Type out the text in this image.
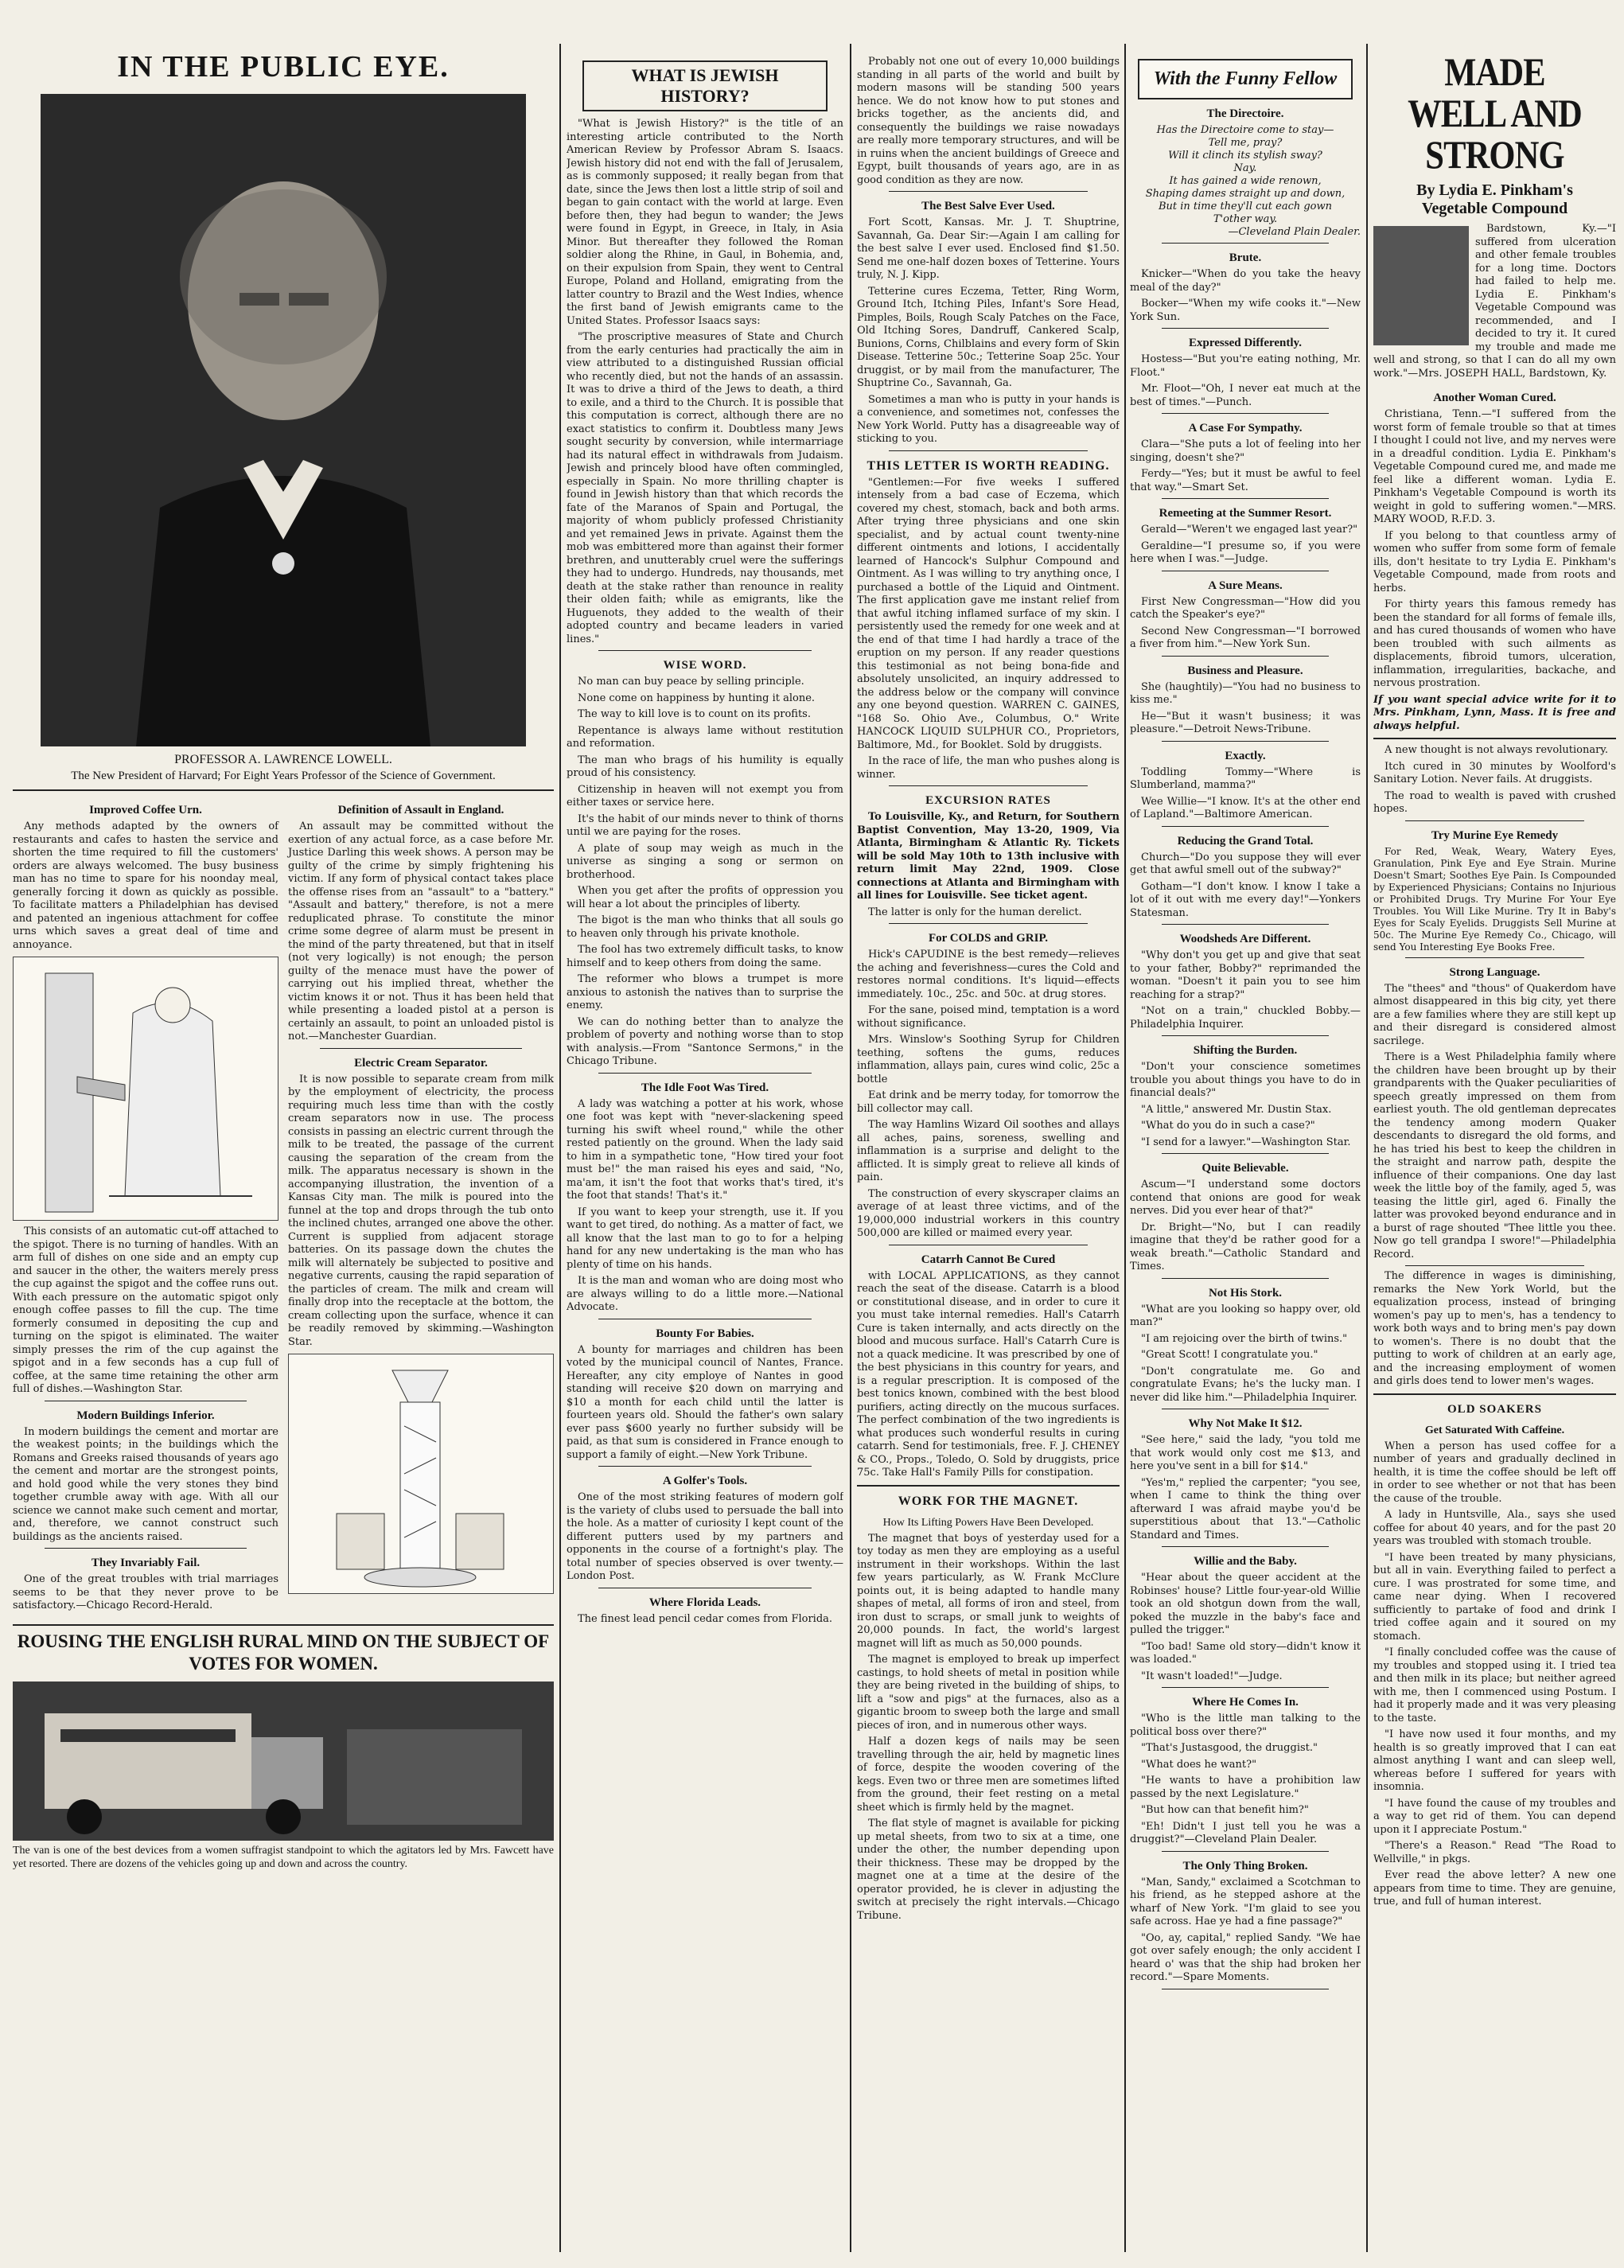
IN THE PUBLIC EYE.
PROFESSOR A. LAWRENCE LOWELL.
The New President of Harvard; For Eight Years Professor of the Science of Government.
Improved Coffee Urn.

Any methods adapted by the owners of restaurants and cafes to hasten the service and shorten the time required to fill the customers' orders are always welcomed. The busy business man has no time to spare for his noonday meal, generally forcing it down as quickly as possible. To facilitate matters a Philadelphian has devised and patented an ingenious attachment for coffee urns which saves a great deal of time and annoyance.

This consists of an automatic cut-off attached to the spigot. There is no turning of handles. With an arm full of dishes on one side and an empty cup and saucer in the other, the waiters merely press the cup against the spigot and the coffee runs out. With each pressure on the automatic spigot only enough coffee passes to fill the cup. The time formerly consumed in depositing the cup and turning on the spigot is eliminated. The waiter simply presses the rim of the cup against the spigot and in a few seconds has a cup full of coffee, at the same time retaining the other arm full of dishes.—Washington Star.

Modern Buildings Inferior.

In modern buildings the cement and mortar are the weakest points; in the buildings which the Romans and Greeks raised thousands of years ago the cement and mortar are the strongest points, and hold good while the very stones they bind together crumble away with age. With all our science we cannot make such cement and mortar, and, therefore, we cannot construct such buildings as the ancients raised.

They Invariably Fail.

One of the great troubles with trial marriages seems to be that they never prove to be satisfactory.—Chicago Record-Herald.

Definition of Assault in England.

An assault may be committed without the exertion of any actual force, as a case before Mr. Justice Darling this week shows. A person may be guilty of the crime by simply frightening his victim. If any form of physical contact takes place the offense rises from an "assault" to a "battery." "Assault and battery," therefore, is not a mere reduplicated phrase. To constitute the minor crime some degree of alarm must be present in the mind of the party threatened, but that in itself (not very logically) is not enough; the person guilty of the menace must have the power of carrying out his implied threat, whether the victim knows it or not. Thus it has been held that while presenting a loaded pistol at a person is certainly an assault, to point an unloaded pistol is not.—Manchester Guardian.

Electric Cream Separator.

It is now possible to separate cream from milk by the employment of electricity, the process requiring much less time than with the costly cream separators now in use. The process consists in passing an electric current through the milk to be treated, the passage of the current causing the separation of the cream from the milk. The apparatus necessary is shown in the accompanying illustration, the invention of a Kansas City man. The milk is poured into the funnel at the top and drops through the tub onto the inclined chutes, arranged one above the other. Current is supplied from adjacent storage batteries. On its passage down the chutes the milk will alternately be subjected to positive and negative currents, causing the rapid separation of the particles of cream. The milk and cream will finally drop into the receptacle at the bottom, the cream collecting upon the surface, whence it can be readily removed by skimming.—Washington Star.

ROUSING THE ENGLISH RURAL MIND ON THE SUBJECT OF VOTES FOR WOMEN.
The van is one of the best devices from a women suffragist standpoint to which the agitators led by Mrs. Fawcett have yet resorted. There are dozens of the vehicles going up and down and across the country.
WHAT IS JEWISH
HISTORY?

"What is Jewish History?" is the title of an interesting article contributed to the North American Review by Professor Abram S. Isaacs. Jewish history did not end with the fall of Jerusalem, as is commonly supposed; it really began from that date, since the Jews then lost a little strip of soil and began to gain contact with the world at large. Even before then, they had begun to wander; the Jews were found in Egypt, in Greece, in Italy, in Asia Minor. But thereafter they followed the Roman soldier along the Rhine, in Gaul, in Bohemia, and, on their expulsion from Spain, they went to Central Europe, Poland and Holland, emigrating from the latter country to Brazil and the West Indies, whence the first band of Jewish emigrants came to the United States. Professor Isaacs says:

"The proscriptive measures of State and Church from the early centuries had practically the aim in view attributed to a distinguished Russian official who recently died, but not the hands of an assassin. It was to drive a third of the Jews to death, a third to exile, and a third to the Church. It is possible that this computation is correct, although there are no exact statistics to confirm it. Doubtless many Jews sought security by conversion, while intermarriage had its natural effect in withdrawals from Judaism. Jewish and princely blood have often commingled, especially in Spain. No more thrilling chapter is found in Jewish history than that which records the fate of the Maranos of Spain and Portugal, the majority of whom publicly professed Christianity and yet remained Jews in private. Against them the mob was embittered more than against their former brethren, and unutterably cruel were the sufferings they had to undergo. Hundreds, nay thousands, met death at the stake rather than renounce in reality their olden faith; while as emigrants, like the Huguenots, they added to the wealth of their adopted country and became leaders in varied lines."

WISE WORD.

No man can buy peace by selling principle.

None come on happiness by hunting it alone.

The way to kill love is to count on its profits.

Repentance is always lame without restitution and reformation.

The man who brags of his humility is equally proud of his consistency.

Citizenship in heaven will not exempt you from either taxes or service here.

It's the habit of our minds never to think of thorns until we are paying for the roses.

A plate of soup may weigh as much in the universe as singing a song or sermon on brotherhood.

When you get after the profits of oppression you will hear a lot about the principles of liberty.

The bigot is the man who thinks that all souls go to heaven only through his private knothole.

The fool has two extremely difficult tasks, to know himself and to keep others from doing the same.

The reformer who blows a trumpet is more anxious to astonish the natives than to surprise the enemy.

We can do nothing better than to analyze the problem of poverty and nothing worse than to stop with analysis.—From "Santonce Sermons," in the Chicago Tribune.

The Idle Foot Was Tired.

A lady was watching a potter at his work, whose one foot was kept with "never-slackening speed turning his swift wheel round," while the other rested patiently on the ground. When the lady said to him in a sympathetic tone, "How tired your foot must be!" the man raised his eyes and said, "No, ma'am, it isn't the foot that works that's tired, it's the foot that stands! That's it."

If you want to keep your strength, use it. If you want to get tired, do nothing. As a matter of fact, we all know that the last man to go to for a helping hand for any new undertaking is the man who has plenty of time on his hands.

It is the man and woman who are doing most who are always willing to do a little more.—National Advocate.

Bounty For Babies.

A bounty for marriages and children has been voted by the municipal council of Nantes, France. Hereafter, any city employe of Nantes in good standing will receive $20 down on marrying and $10 a month for each child until the latter is fourteen years old. Should the father's own salary ever pass $600 yearly no further subsidy will be paid, as that sum is considered in France enough to support a family of eight.—New York Tribune.

A Golfer's Tools.

One of the most striking features of modern golf is the variety of clubs used to persuade the ball into the hole. As a matter of curiosity I kept count of the different putters used by my partners and opponents in the course of a fortnight's play. The total number of species observed is over twenty.—London Post.

Where Florida Leads.

The finest lead pencil cedar comes from Florida.

Probably not one out of every 10,000 buildings standing in all parts of the world and built by modern masons will be standing 500 years hence. We do not know how to put stones and bricks together, as the ancients did, and consequently the buildings we raise nowadays are really more temporary structures, and will be in ruins when the ancient buildings of Greece and Egypt, built thousands of years ago, are in as good condition as they are now.

The Best Salve Ever Used.

Fort Scott, Kansas. Mr. J. T. Shuptrine, Savannah, Ga. Dear Sir:—Again I am calling for the best salve I ever used. Enclosed find $1.50. Send me one-half dozen boxes of Tetterine. Yours truly, N. J. Kipp.

Tetterine cures Eczema, Tetter, Ring Worm, Ground Itch, Itching Piles, Infant's Sore Head, Pimples, Boils, Rough Scaly Patches on the Face, Old Itching Sores, Dandruff, Cankered Scalp, Bunions, Corns, Chilblains and every form of Skin Disease. Tetterine 50c.; Tetterine Soap 25c. Your druggist, or by mail from the manufacturer, The Shuptrine Co., Savannah, Ga.

Sometimes a man who is putty in your hands is a convenience, and sometimes not, confesses the New York World. Putty has a disagreeable way of sticking to you.

THIS LETTER IS WORTH READING.

"Gentlemen:—For five weeks I suffered intensely from a bad case of Eczema, which covered my chest, stomach, back and both arms. After trying three physicians and one skin specialist, and by actual count twenty-nine different ointments and lotions, I accidentally learned of Hancock's Sulphur Compound and Ointment. As I was willing to try anything once, I purchased a bottle of the Liquid and Ointment. The first application gave me instant relief from that awful itching inflamed surface of my skin. I persistently used the remedy for one week and at the end of that time I had hardly a trace of the eruption on my person. If any reader questions this testimonial as not being bona-fide and absolutely unsolicited, an inquiry addressed to the address below or the company will convince any one beyond question. WARREN C. GAINES, "168 So. Ohio Ave., Columbus, O." Write HANCOCK LIQUID SULPHUR CO., Proprietors, Baltimore, Md., for Booklet. Sold by druggists.

In the race of life, the man who pushes along is winner.

EXCURSION RATES

To Louisville, Ky., and Return, for Southern Baptist Convention, May 13-20, 1909, Via Atlanta, Birmingham & Atlantic Ry. Tickets will be sold May 10th to 13th inclusive with return limit May 22nd, 1909. Close connections at Atlanta and Birmingham with all lines for Louisville. See ticket agent.

The latter is only for the human derelict.

For COLDS and GRIP.

Hick's CAPUDINE is the best remedy—relieves the aching and feverishness—cures the Cold and restores normal conditions. It's liquid—effects immediately. 10c., 25c. and 50c. at drug stores.

For the sane, poised mind, temptation is a word without significance.

Mrs. Winslow's Soothing Syrup for Children teething, softens the gums, reduces inflammation, allays pain, cures wind colic, 25c a bottle

Eat drink and be merry today, for tomorrow the bill collector may call.

The way Hamlins Wizard Oil soothes and allays all aches, pains, soreness, swelling and inflammation is a surprise and delight to the afflicted. It is simply great to relieve all kinds of pain.

The construction of every skyscraper claims an average of at least three victims, and of the 19,000,000 industrial workers in this country 500,000 are killed or maimed every year.

Catarrh Cannot Be Cured

with LOCAL APPLICATIONS, as they cannot reach the seat of the disease. Catarrh is a blood or constitutional disease, and in order to cure it you must take internal remedies. Hall's Catarrh Cure is taken internally, and acts directly on the blood and mucous surface. Hall's Catarrh Cure is not a quack medicine. It was prescribed by one of the best physicians in this country for years, and is a regular prescription. It is composed of the best tonics known, combined with the best blood purifiers, acting directly on the mucous surfaces. The perfect combination of the two ingredients is what produces such wonderful results in curing catarrh. Send for testimonials, free. F. J. CHENEY & CO., Props., Toledo, O. Sold by druggists, price 75c. Take Hall's Family Pills for constipation.

WORK FOR THE MAGNET.
How Its Lifting Powers Have Been Developed.

The magnet that boys of yesterday used for a toy today as men they are employing as a useful instrument in their workshops. Within the last few years particularly, as W. Frank McClure points out, it is being adapted to handle many shapes of metal, all forms of iron and steel, from iron dust to scraps, or small junk to weights of 20,000 pounds. In fact, the world's largest magnet will lift as much as 50,000 pounds.

The magnet is employed to break up imperfect castings, to hold sheets of metal in position while they are being riveted in the building of ships, to lift a "sow and pigs" at the furnaces, also as a gigantic broom to sweep both the large and small pieces of iron, and in numerous other ways.

Half a dozen kegs of nails may be seen travelling through the air, held by magnetic lines of force, despite the wooden covering of the kegs. Even two or three men are sometimes lifted from the ground, their feet resting on a metal sheet which is firmly held by the magnet.

The flat style of magnet is available for picking up metal sheets, from two to six at a time, one under the other, the number depending upon their thickness. These may be dropped by the magnet one at a time at the desire of the operator provided, he is clever in adjusting the switch at precisely the right intervals.—Chicago Tribune.

With the Funny Fellow
The Directoire.
Has the Directoire come to stay—
Tell me, pray?
Will it clinch its stylish sway?
Nay.
It has gained a wide renown,
Shaping dames straight up and down,
But in time they'll cut each gown
T'other way.
—Cleveland Plain Dealer.
Brute.

Knicker—"When do you take the heavy meal of the day?"

Bocker—"When my wife cooks it."—New York Sun.

Expressed Differently.

Hostess—"But you're eating nothing, Mr. Floot."

Mr. Floot—"Oh, I never eat much at the best of times."—Punch.

A Case For Sympathy.

Clara—"She puts a lot of feeling into her singing, doesn't she?"

Ferdy—"Yes; but it must be awful to feel that way."—Smart Set.

Remeeting at the Summer Resort.

Gerald—"Weren't we engaged last year?"

Geraldine—"I presume so, if you were here when I was."—Judge.

A Sure Means.

First New Congressman—"How did you catch the Speaker's eye?"

Second New Congressman—"I borrowed a fiver from him."—New York Sun.

Business and Pleasure.

She (haughtily)—"You had no business to kiss me."

He—"But it wasn't business; it was pleasure."—Detroit News-Tribune.

Exactly.

Toddling Tommy—"Where is Slumberland, mamma?"

Wee Willie—"I know. It's at the other end of Lapland."—Baltimore American.

Reducing the Grand Total.

Church—"Do you suppose they will ever get that awful smell out of the subway?"

Gotham—"I don't know. I know I take a lot of it out with me every day!"—Yonkers Statesman.

Woodsheds Are Different.

"Why don't you get up and give that seat to your father, Bobby?" reprimanded the woman. "Doesn't it pain you to see him reaching for a strap?"

"Not on a train," chuckled Bobby.—Philadelphia Inquirer.

Shifting the Burden.

"Don't your conscience sometimes trouble you about things you have to do in financial deals?"

"A little," answered Mr. Dustin Stax.

"What do you do in such a case?"

"I send for a lawyer."—Washington Star.

Quite Believable.

Ascum—"I understand some doctors contend that onions are good for weak nerves. Did you ever hear of that?"

Dr. Bright—"No, but I can readily imagine that they'd be rather good for a weak breath."—Catholic Standard and Times.

Not His Stork.

"What are you looking so happy over, old man?"

"I am rejoicing over the birth of twins."

"Great Scott! I congratulate you."

"Don't congratulate me. Go and congratulate Evans; he's the lucky man. I never did like him."—Philadelphia Inquirer.

Why Not Make It $12.

"See here," said the lady, "you told me that work would only cost me $13, and here you've sent in a bill for $14."

"Yes'm," replied the carpenter; "you see, when I came to think the thing over afterward I was afraid maybe you'd be superstitious about that 13."—Catholic Standard and Times.

Willie and the Baby.

"Hear about the queer accident at the Robinses' house? Little four-year-old Willie took an old shotgun down from the wall, poked the muzzle in the baby's face and pulled the trigger."

"Too bad! Same old story—didn't know it was loaded."

"It wasn't loaded!"—Judge.

Where He Comes In.

"Who is the little man talking to the political boss over there?"

"That's Justasgood, the druggist."

"What does he want?"

"He wants to have a prohibition law passed by the next Legislature."

"But how can that benefit him?"

"Eh! Didn't I just tell you he was a druggist?"—Cleveland Plain Dealer.

The Only Thing Broken.

"Man, Sandy," exclaimed a Scotchman to his friend, as he stepped ashore at the wharf of New York. "I'm glaid to see you safe across. Hae ye had a fine passage?"

"Oo, ay, capital," replied Sandy. "We hae got over safely enough; the only accident I heard o' was that the ship had broken her record."—Spare Moments.

MADE WELL AND STRONG
By Lydia E. Pinkham's
Vegetable Compound

Bardstown, Ky.—"I suffered from ulceration and other female troubles for a long time. Doctors had failed to help me. Lydia E. Pinkham's Vegetable Compound was recommended, and I decided to try it. It cured my trouble and made me well and strong, so that I can do all my own work."—Mrs. JOSEPH HALL, Bardstown, Ky.

Another Woman Cured.

Christiana, Tenn.—"I suffered from the worst form of female trouble so that at times I thought I could not live, and my nerves were in a dreadful condition. Lydia E. Pinkham's Vegetable Compound cured me, and made me feel like a different woman. Lydia E. Pinkham's Vegetable Compound is worth its weight in gold to suffering women."—MRS. MARY WOOD, R.F.D. 3.

If you belong to that countless army of women who suffer from some form of female ills, don't hesitate to try Lydia E. Pinkham's Vegetable Compound, made from roots and herbs.

For thirty years this famous remedy has been the standard for all forms of female ills, and has cured thousands of women who have been troubled with such ailments as displacements, fibroid tumors, ulceration, inflammation, irregularities, backache, and nervous prostration.

If you want special advice write for it to Mrs. Pinkham, Lynn, Mass. It is free and always helpful.

A new thought is not always revolutionary.

Itch cured in 30 minutes by Woolford's Sanitary Lotion. Never fails. At druggists.

The road to wealth is paved with crushed hopes.

Try Murine Eye Remedy

For Red, Weak, Weary, Watery Eyes, Granulation, Pink Eye and Eye Strain. Murine Doesn't Smart; Soothes Eye Pain. Is Compounded by Experienced Physicians; Contains no Injurious or Prohibited Drugs. Try Murine For Your Eye Troubles. You Will Like Murine. Try It in Baby's Eyes for Scaly Eyelids. Druggists Sell Murine at 50c. The Murine Eye Remedy Co., Chicago, will send You Interesting Eye Books Free.

Strong Language.

The "thees" and "thous" of Quakerdom have almost disappeared in this big city, yet there are a few families where they are still kept up and their disregard is considered almost sacrilege.

There is a West Philadelphia family where the children have been brought up by their grandparents with the Quaker peculiarities of speech greatly impressed on them from earliest youth. The old gentleman deprecates the tendency among modern Quaker descendants to disregard the old forms, and he has tried his best to keep the children in the straight and narrow path, despite the influence of their companions. One day last week the little boy of the family, aged 5, was teasing the little girl, aged 6. Finally the latter was provoked beyond endurance and in a burst of rage shouted "Thee little you thee. Now go tell grandpa I swore!"—Philadelphia Record.

The difference in wages is diminishing, remarks the New York World, but the equalization process, instead of bringing women's pay up to men's, has a tendency to work both ways and to bring men's pay down to women's. There is no doubt that the putting to work of children at an early age, and the increasing employment of women and girls does tend to lower men's wages.

OLD SOAKERS
Get Saturated With Caffeine.

When a person has used coffee for a number of years and gradually declined in health, it is time the coffee should be left off in order to see whether or not that has been the cause of the trouble.

A lady in Huntsville, Ala., says she used coffee for about 40 years, and for the past 20 years was troubled with stomach trouble.

"I have been treated by many physicians, but all in vain. Everything failed to perfect a cure. I was prostrated for some time, and came near dying. When I recovered sufficiently to partake of food and drink I tried coffee again and it soured on my stomach.

"I finally concluded coffee was the cause of my troubles and stopped using it. I tried tea and then milk in its place; but neither agreed with me, then I commenced using Postum. I had it properly made and it was very pleasing to the taste.

"I have now used it four months, and my health is so greatly improved that I can eat almost anything I want and can sleep well, whereas before I suffered for years with insomnia.

"I have found the cause of my troubles and a way to get rid of them. You can depend upon it I appreciate Postum."

"There's a Reason." Read "The Road to Wellville," in pkgs.

Ever read the above letter? A new one appears from time to time. They are genuine, true, and full of human interest.
